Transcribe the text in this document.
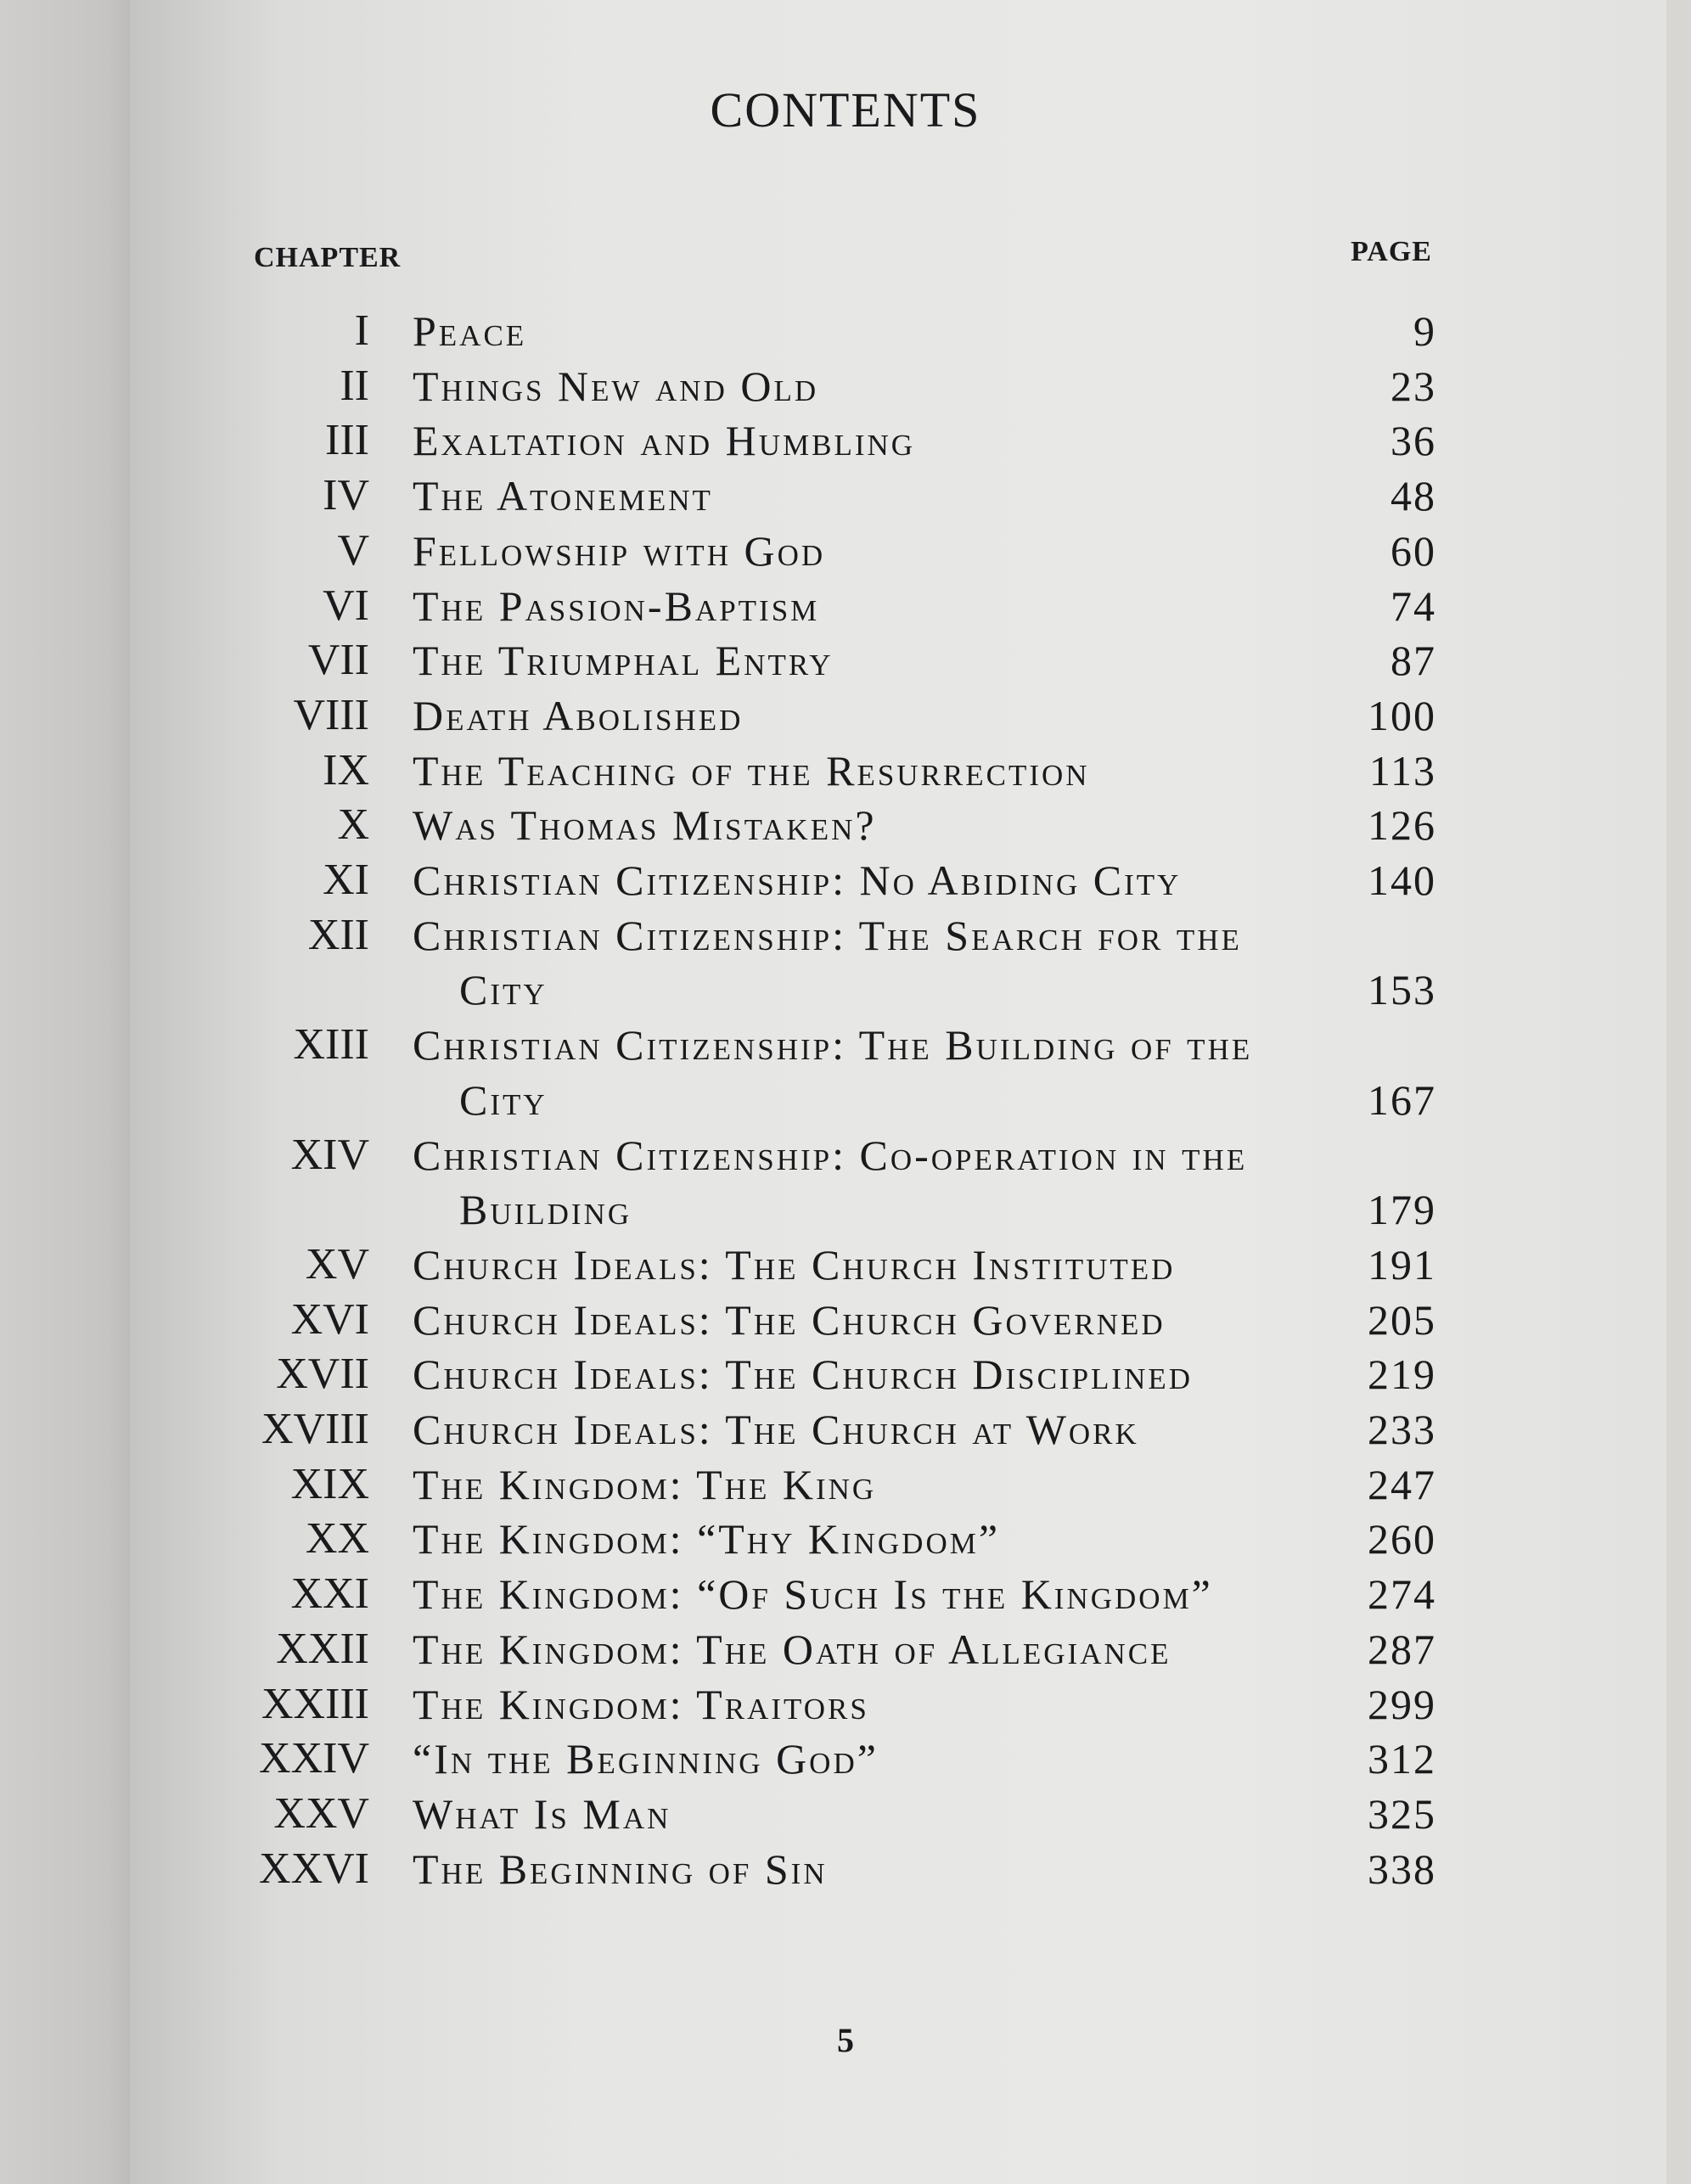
CONTENTS
CHAPTER	PAGE
I Peace	9
II Things New and Old	23
III Exaltation and Humbling	36
IV The Atonement	48
V Fellowship with God	60
VI The Passion-Baptism	74
VII The Triumphal Entry	87
VIII Death Abolished	100
IX The Teaching of the Resurrection	113
X Was Thomas Mistaken?	126
XI Christian Citizenship: No Abiding City	140
XII Christian Citizenship: The Search for the
City	153
XIII Christian Citizenship: The Building of the
City	167
XIV Christian Citizenship: Co-operation in the
Building	179
XV Church Ideals: The Church Instituted	191
XVI Church Ideals: The Church Governed	205
XVII Church Ideals: The Church Disciplined	219
XVIII Church Ideals: The Church at Work	233
XIX The Kingdom: The King	247
XX The Kingdom: “Thy Kingdom”	260
XXI The Kingdom: “Of Such Is the Kingdom”	274
XXII The Kingdom: The Oath of Allegiance	287
XXIII The Kingdom: Traitors	299
XXIV “In the Beginning God”	312
XXV What Is Man	325
XXVI The Beginning of Sin	338
5
